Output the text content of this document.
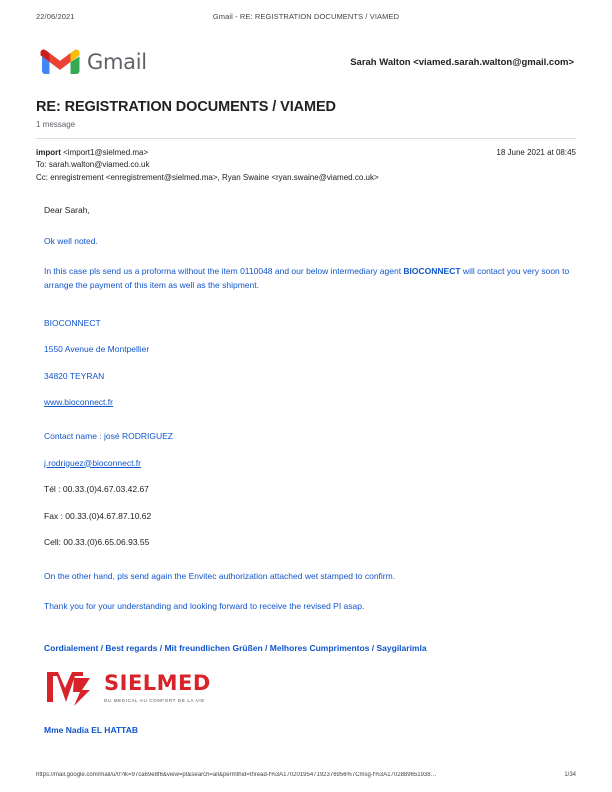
22/06/2021	Gmail - RE: REGISTRATION DOCUMENTS / VIAMED
Gmail	Sarah Walton <viamed.sarah.walton@gmail.com>
RE: REGISTRATION DOCUMENTS / VIAMED
1 message
import <import1@sielmed.ma>	18 June 2021 at 08:45
To: sarah.walton@viamed.co.uk
Cc: enregistrement <enregistrement@sielmed.ma>, Ryan Swaine <ryan.swaine@viamed.co.uk>

Dear Sarah,

Ok well noted.

In this case pls send us a proforma without the item 0110048 and our below intermediary agent BIOCONNECT will contact you very soon to arrange the payment of this item as well as the shipment.

BIOCONNECT

1550 Avenue de Montpellier

34820 TEYRAN

www.bioconnect.fr

Contact name : josé RODRIGUEZ

j.rodriguez@bioconnect.fr

Tél : 00.33.(0)4.67.03.42.67

Fax : 00.33.(0)4.67.87.10.62

Cell: 00.33.(0)6.65.06.93.55

On the other hand, pls send again the Envitec authorization attached wet stamped to confirm.

Thank you for your understanding and looking forward to receive the revised PI asap.

Cordialement / Best regards / Mit freundlichen Grüßen / Melhores Cumprimentos / Saygilarimla
SIELMED
DU MEDICAL AU CONFORT DE LA VIE
Mme Nadia EL HATTAB
https://mail.google.com/mail/u/0?ik=97ca69e8f6&view=pt&search=all&permthid=thread-f%3A1702019547192376956%7Cmsg-f%3A1702889651938…	1/34
